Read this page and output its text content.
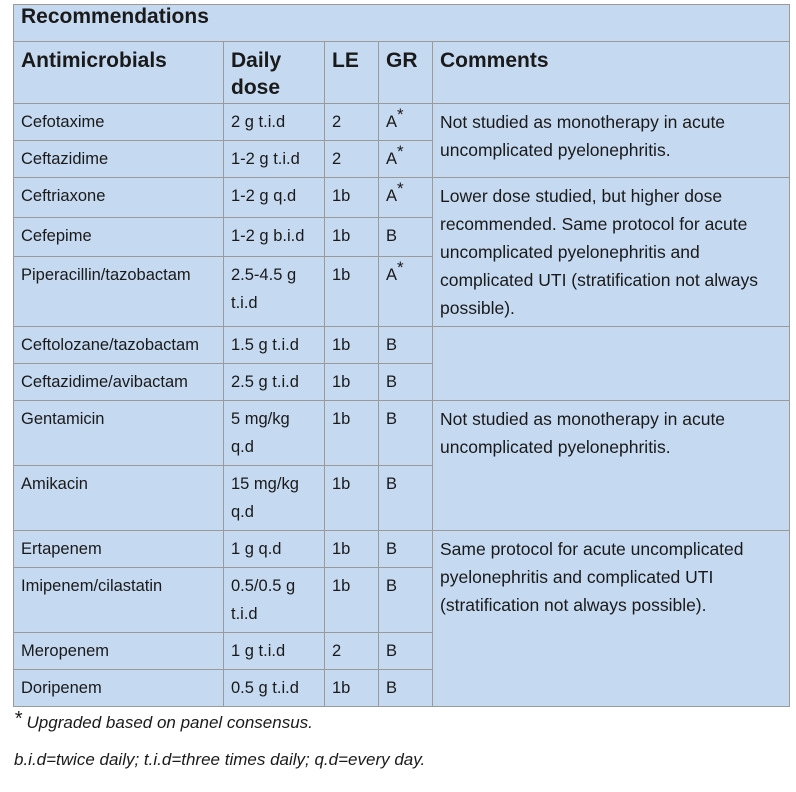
Recommendations				
Antimicrobials	Daily dose	LE	GR	Comments
Cefotaxime	2 g t.i.d	2	A*	Not studied as monotherapy in acute uncomplicated pyelonephritis.
Ceftazidime	1-2 g t.i.d	2	A*
Ceftriaxone	1-2 g q.d	1b	A*	Lower dose studied, but higher dose recommended. Same protocol for acute uncomplicated pyelonephritis and complicated UTI (stratification not always possible).
Cefepime	1-2 g b.i.d	1b	B	
Piperacillin/tazobactam	2.5-4.5 g t.i.d	1b	A*
Ceftolozane/tazobactam	1.5 g t.i.d	1b	B	
Ceftazidime/avibactam	2.5 g t.i.d	1b	B	
Gentamicin	5 mg/kg q.d	1b	B	Not studied as monotherapy in acute uncomplicated pyelonephritis.
Amikacin	15 mg/kg q.d	1b	B	
Ertapenem	1 g q.d	1b	B	Same protocol for acute uncomplicated pyelonephritis and complicated UTI (stratification not always possible).
Imipenem/cilastatin	0.5/0.5 g t.i.d	1b	B	
Meropenem	1 g t.i.d	2	B	
Doripenem	0.5 g t.i.d	1b	B	
* Upgraded based on panel consensus.
b.i.d=twice daily; t.i.d=three times daily; q.d=every day.
